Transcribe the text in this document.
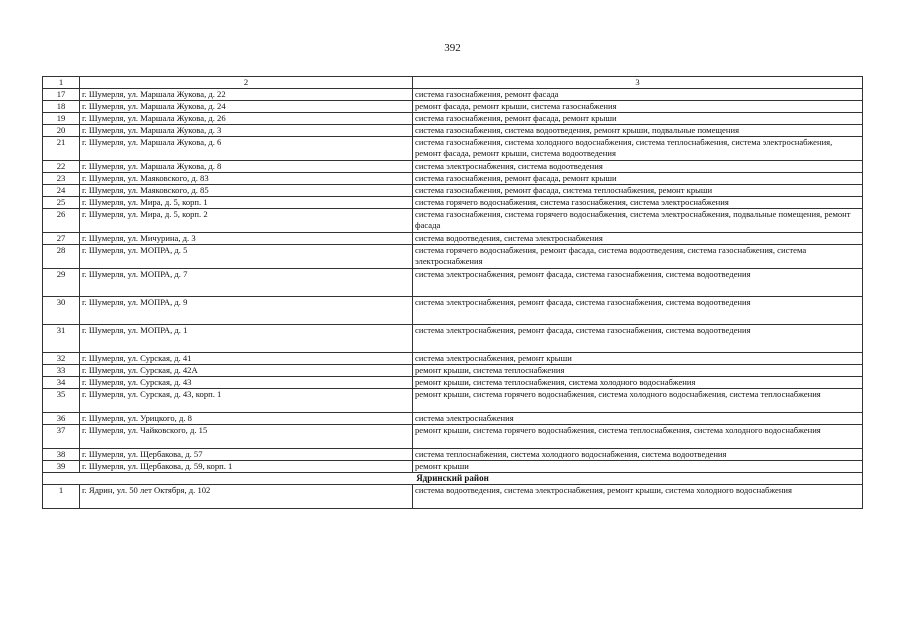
392
1	2	3
17	г. Шумерля, ул. Маршала Жукова, д. 22	система газоснабжения, ремонт фасада
18	г. Шумерля, ул. Маршала Жукова, д. 24	ремонт фасада, ремонт крыши, система газоснабжения
19	г. Шумерля, ул. Маршала Жукова, д. 26	система газоснабжения, ремонт фасада, ремонт крыши
20	г. Шумерля, ул. Маршала Жукова, д. 3	система газоснабжения, система водоотведения, ремонт крыши, подвальные помещения
21	г. Шумерля, ул. Маршала Жукова, д. 6	система газоснабжения, система холодного водоснабжения, система теплоснабжения, система электроснабжения, ремонт фасада, ремонт крыши, система водоотведения
22	г. Шумерля, ул. Маршала Жукова, д. 8	система электроснабжения, система водоотведения
23	г. Шумерля, ул. Маяковского, д. 83	система газоснабжения, ремонт фасада, ремонт крыши
24	г. Шумерля, ул. Маяковского, д. 85	система газоснабжения, ремонт фасада, система теплоснабжения, ремонт крыши
25	г. Шумерля, ул. Мира, д. 5, корп. 1	система горячего водоснабжения, система газоснабжения, система электроснабжения
26	г. Шумерля, ул. Мира, д. 5, корп. 2	система газоснабжения, система горячего водоснабжения, система электроснабжения, подвальные помещения, ремонт фасада
27	г. Шумерля, ул. Мичурина, д. 3	система водоотведения, система электроснабжения
28	г. Шумерля, ул. МОПРА, д. 5	система горячего водоснабжения, ремонт фасада, система водоотведения, система газоснабжения, система электроснабжения
29	г. Шумерля, ул. МОПРА, д. 7	система электроснабжения, ремонт фасада, система газоснабжения, система водоотведения
30	г. Шумерля, ул. МОПРА, д. 9	система электроснабжения, ремонт фасада, система газоснабжения, система водоотведения
31	г. Шумерля, ул. МОПРА, д. 1	система электроснабжения, ремонт фасада, система газоснабжения, система водоотведения
32	г. Шумерля, ул. Сурская, д. 41	система электроснабжения, ремонт крыши
33	г. Шумерля, ул. Сурская, д. 42А	ремонт крыши, система теплоснабжения
34	г. Шумерля, ул. Сурская, д. 43	ремонт крыши, система теплоснабжения, система холодного водоснабжения
35	г. Шумерля, ул. Сурская, д. 43, корп. 1	ремонт крыши, система горячего водоснабжения, система холодного водоснабжения, система теплоснабжения
36	г. Шумерля, ул. Урицкого, д. 8	система электроснабжения
37	г. Шумерля, ул. Чайковского, д. 15	ремонт крыши, система горячего водоснабжения, система теплоснабжения, система холодного водоснабжения
38	г. Шумерля, ул. Щербакова, д. 57	система теплоснабжения, система холодного водоснабжения, система водоотведения
39	г. Шумерля, ул. Щербакова, д. 59, корп. 1	ремонт крыши
Ядринский район		
1	г. Ядрин, ул. 50 лет Октября, д. 102	система водоотведения, система электроснабжения, ремонт крыши, система холодного водоснабжения
